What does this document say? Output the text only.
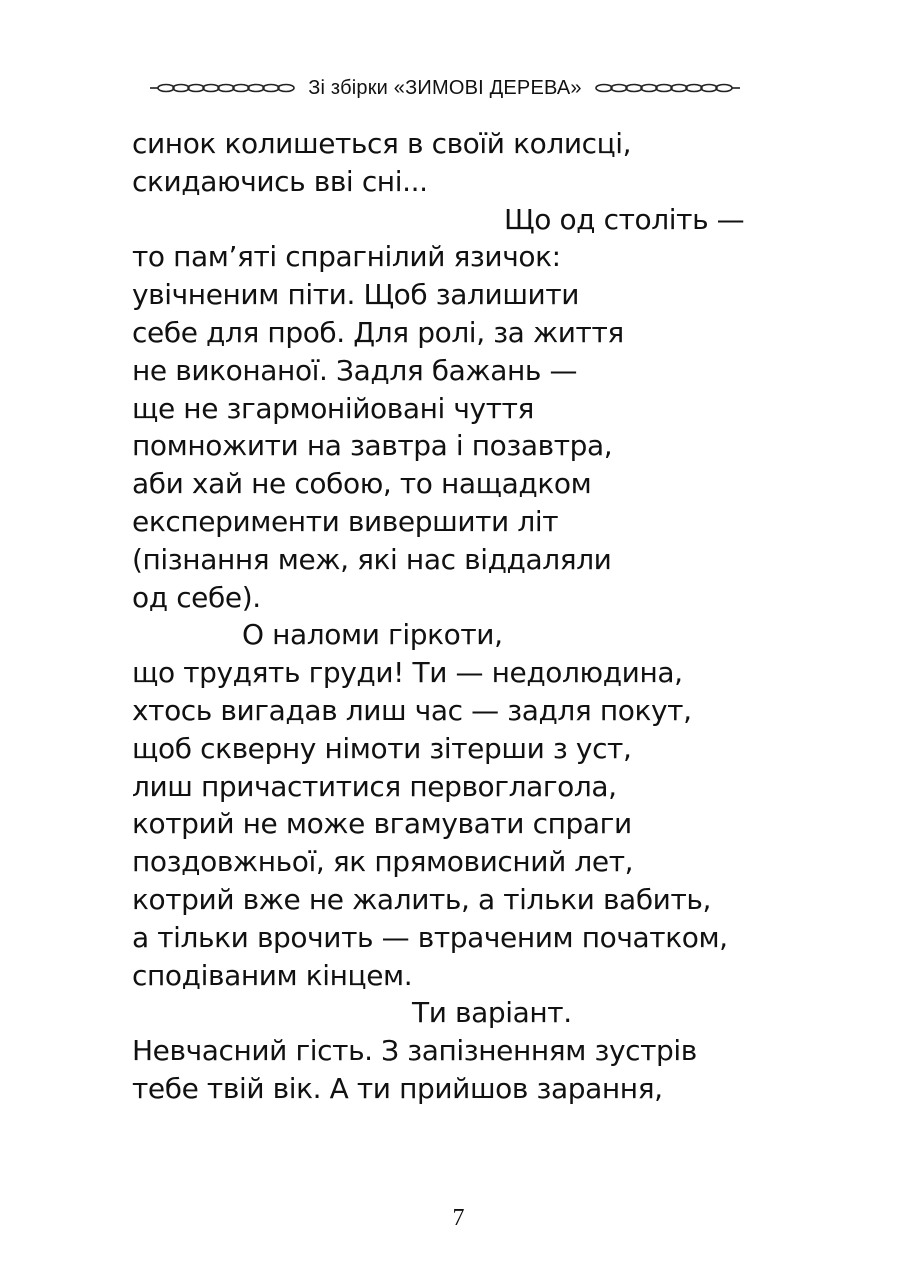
Зі збірки «ЗИМОВІ ДЕРЕВА»
синок колишеться в своїй колисці,
скидаючись вві сні...
Що од століть —
то пам’яті спрагнілий язичок:
увічненим піти. Щоб залишити
себе для проб. Для ролі, за життя
не виконаної. Задля бажань —
ще не згармонійовані чуття
помножити на завтра і позавтра,
аби хай не собою, то нащадком
експерименти вивершити літ
(пізнання меж, які нас віддаляли
од себе).
О наломи гіркоти,
що трудять груди! Ти — недолюдина,
хтось вигадав лиш час — задля покут,
щоб скверну німоти зітерши з уст,
лиш причаститися первоглагола,
котрий не може вгамувати спраги
поздовжньої, як прямовисний лет,
котрий вже не жалить, а тільки вабить,
а тільки врочить — втраченим початком,
сподіваним кінцем.
Ти варіант.
Невчасний гість. З запізненням зустрів
тебе твій вік. А ти прийшов зарання,
7
